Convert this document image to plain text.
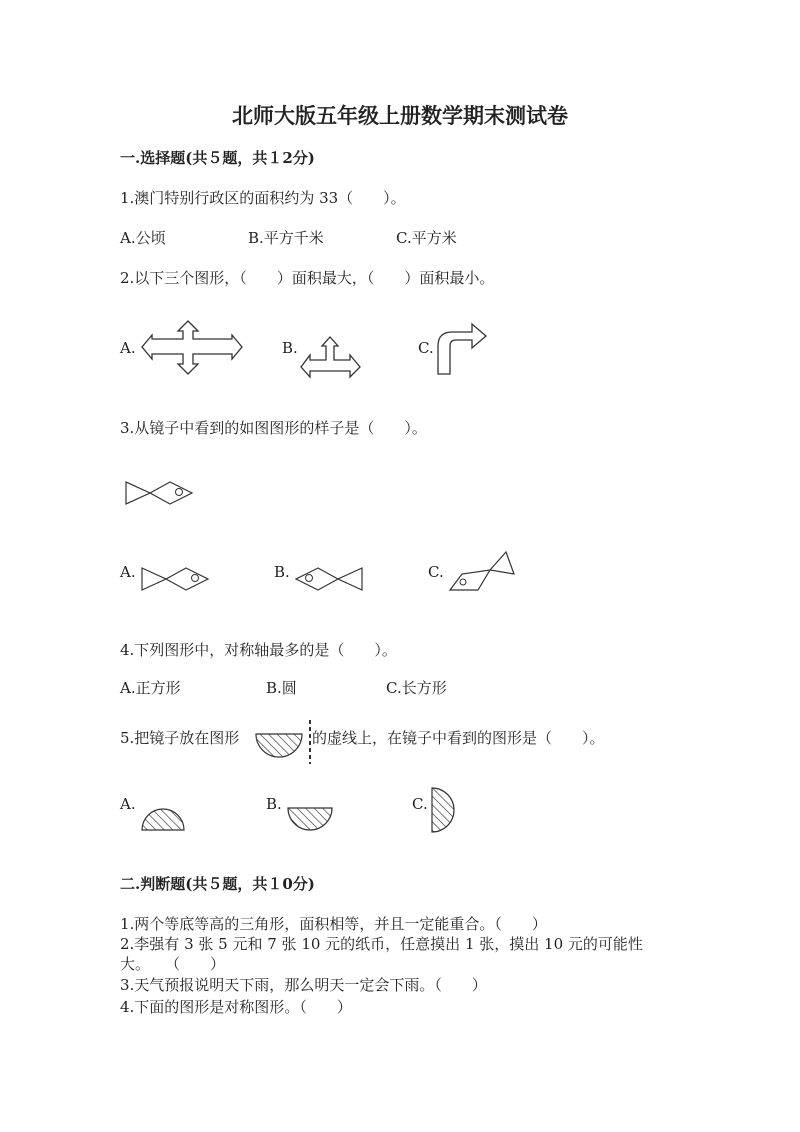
北师大版五年级上册数学期末测试卷
一.选择题(共５题，共１2分)
1.澳门特别行政区的面积约为 33（　　）。
A.公顷	B.平方千米	C.平方米
2.以下三个图形，（　　）面积最大，（　　）面积最小。
A.	B.	C.
3.从镜子中看到的如图图形的样子是（　　）。
A.	B.	C.
4.下列图形中，对称轴最多的是（　　）。
A.正方形	B.圆	C.长方形
5.把镜子放在图形	的虚线上，在镜子中看到的图形是（　　）。
A.	B.	C.
二.判断题(共５题，共１0分)
1.两个等底等高的三角形，面积相等，并且一定能重合。（　　）
2.李强有 3 张 5 元和 7 张 10 元的纸币，任意摸出 1 张，摸出 10 元的可能性
大。　　（　　）
3.天气预报说明天下雨，那么明天一定会下雨。（　　）
4.下面的图形是对称图形。（　　）
